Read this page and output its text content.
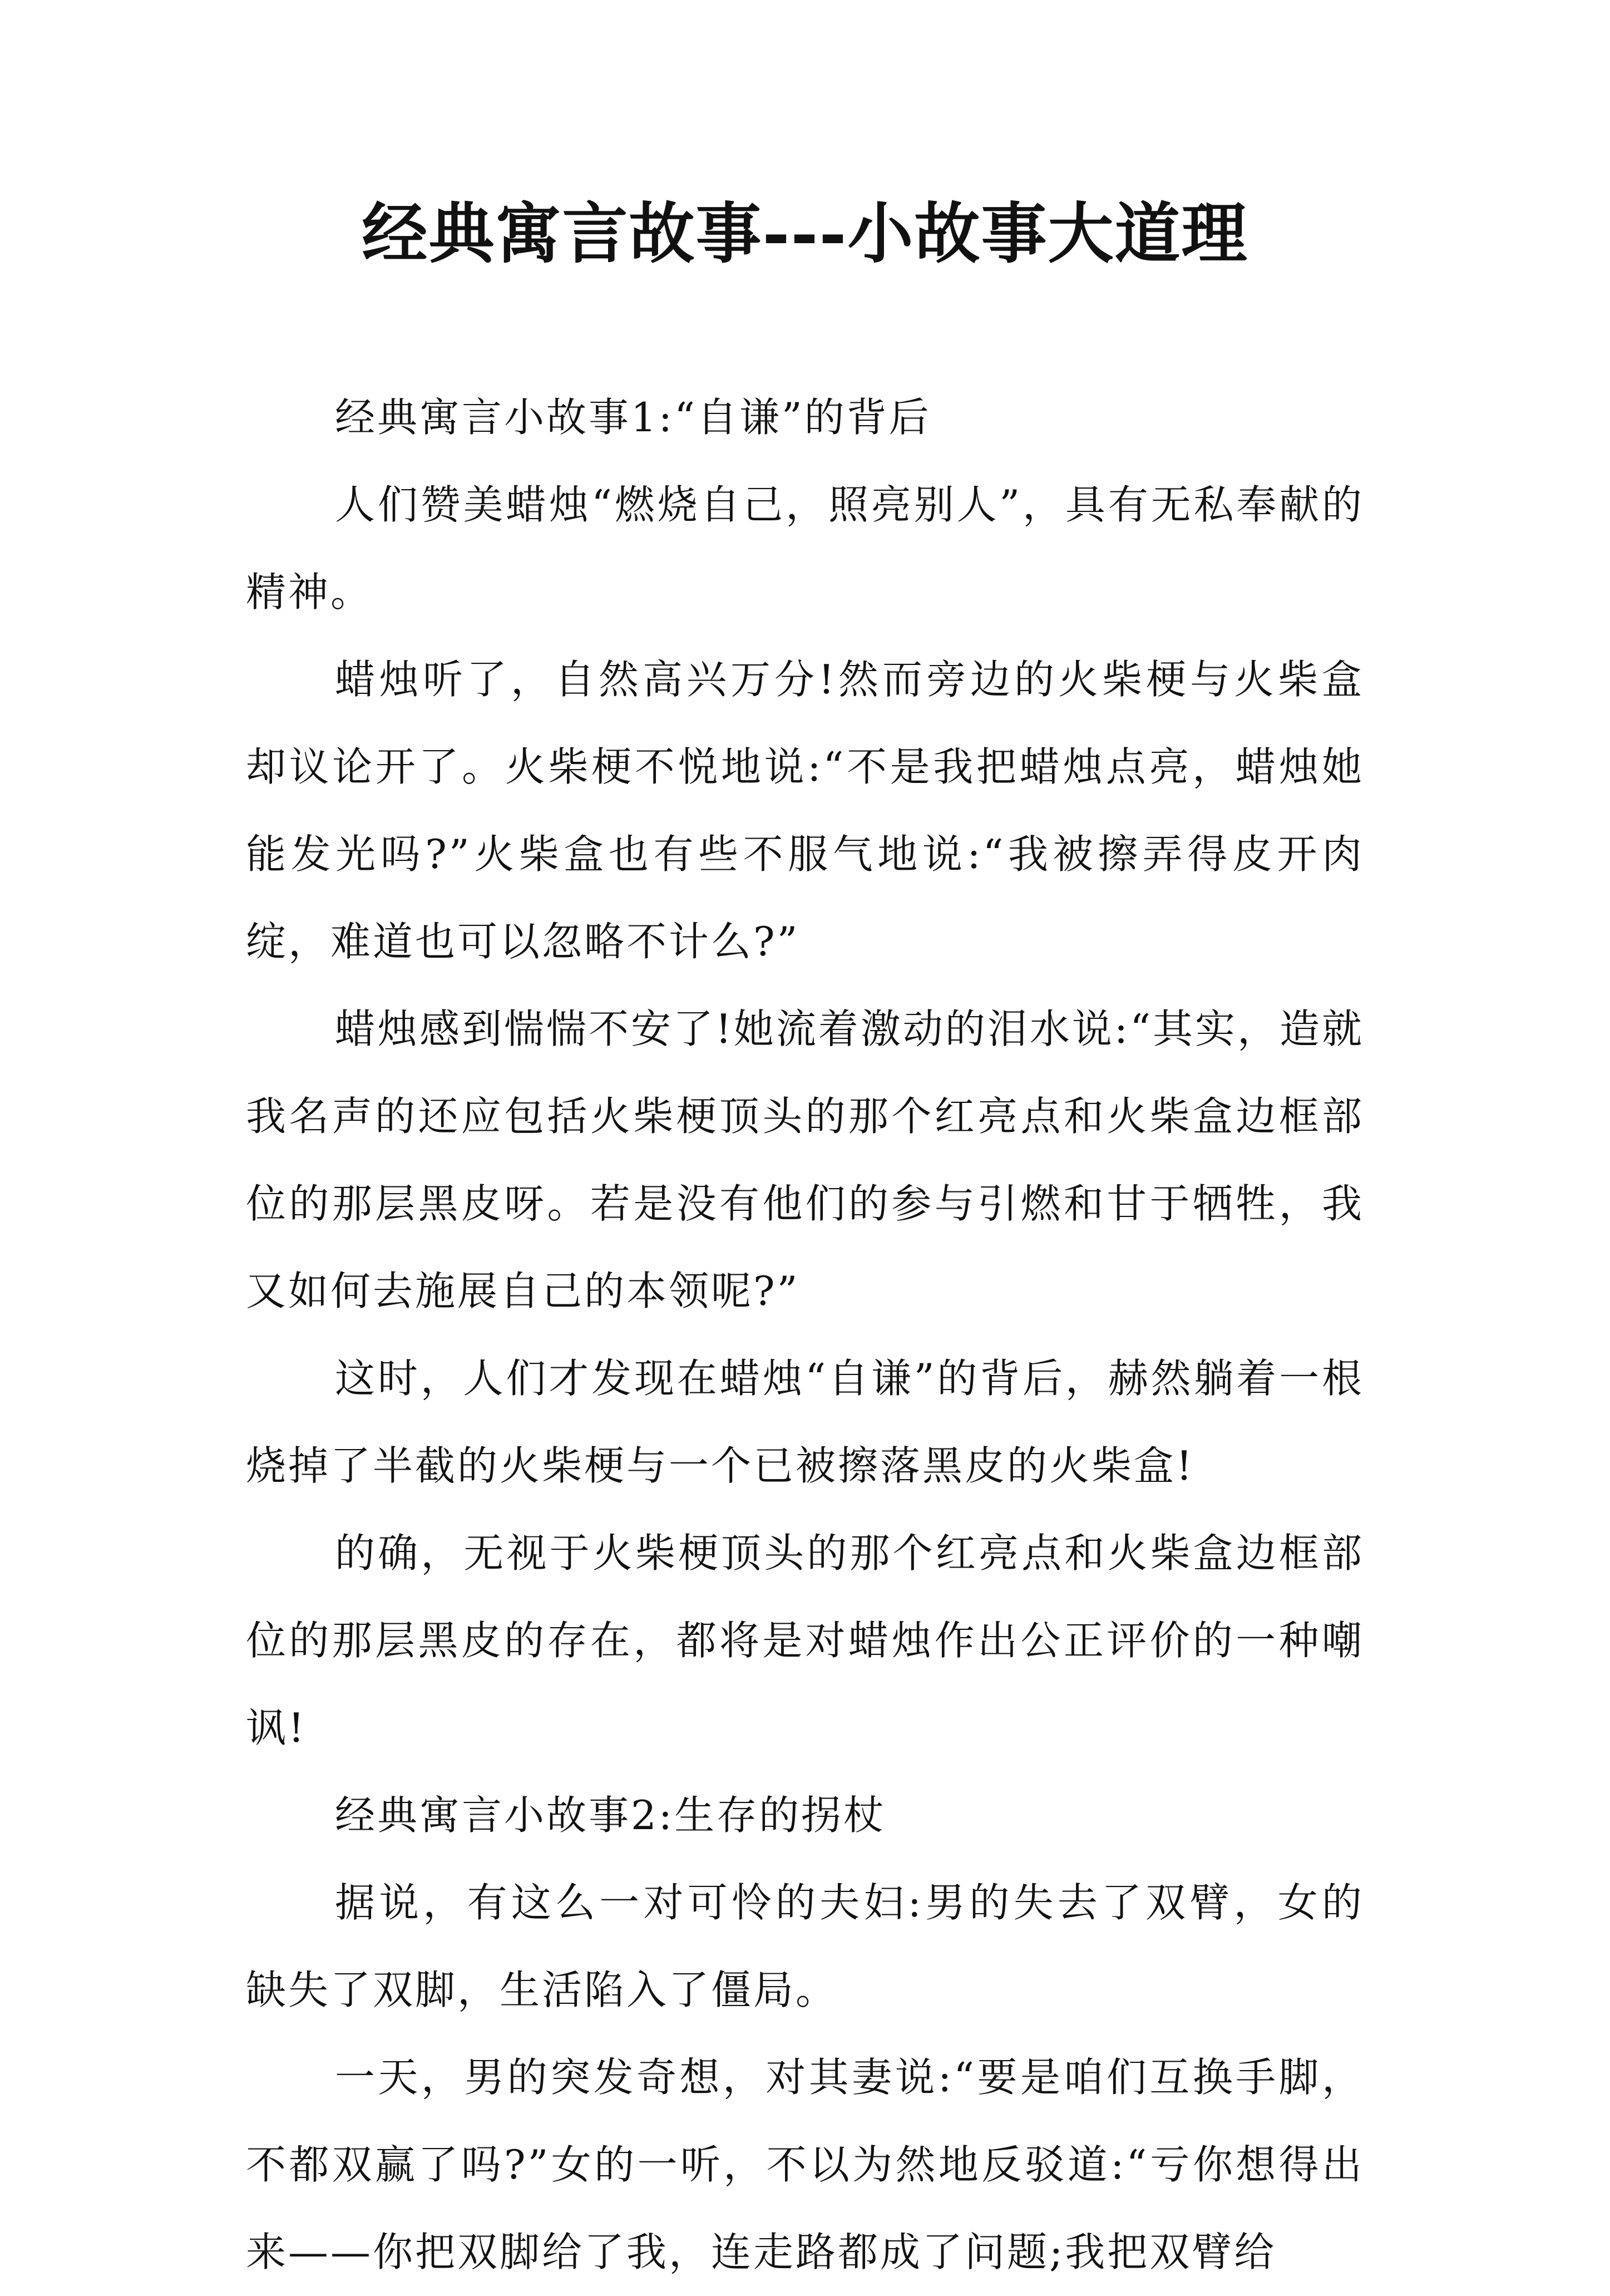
经典寓言故事---小故事大道理

经典寓言小故事1:“自谦”的背后

人们赞美蜡烛“燃烧自己，照亮别人”，具有无私奉献的精神。

蜡烛听了，自然高兴万分!然而旁边的火柴梗与火柴盒却议论开了。火柴梗不悦地说:“不是我把蜡烛点亮，蜡烛她能发光吗?”火柴盒也有些不服气地说:“我被擦弄得皮开肉绽，难道也可以忽略不计么?”

蜡烛感到惴惴不安了!她流着激动的泪水说:“其实，造就我名声的还应包括火柴梗顶头的那个红亮点和火柴盒边框部位的那层黑皮呀。若是没有他们的参与引燃和甘于牺牲，我又如何去施展自己的本领呢?”

这时，人们才发现在蜡烛“自谦”的背后，赫然躺着一根烧掉了半截的火柴梗与一个已被擦落黑皮的火柴盒!

的确，无视于火柴梗顶头的那个红亮点和火柴盒边框部位的那层黑皮的存在，都将是对蜡烛作出公正评价的一种嘲讽!

经典寓言小故事2:生存的拐杖

据说，有这么一对可怜的夫妇:男的失去了双臂，女的缺失了双脚，生活陷入了僵局。

一天，男的突发奇想，对其妻说:“要是咱们互换手脚，不都双赢了吗?”女的一听，不以为然地反驳道:“亏你想得出来——你把双脚给了我，连走路都成了问题;我把双臂给
